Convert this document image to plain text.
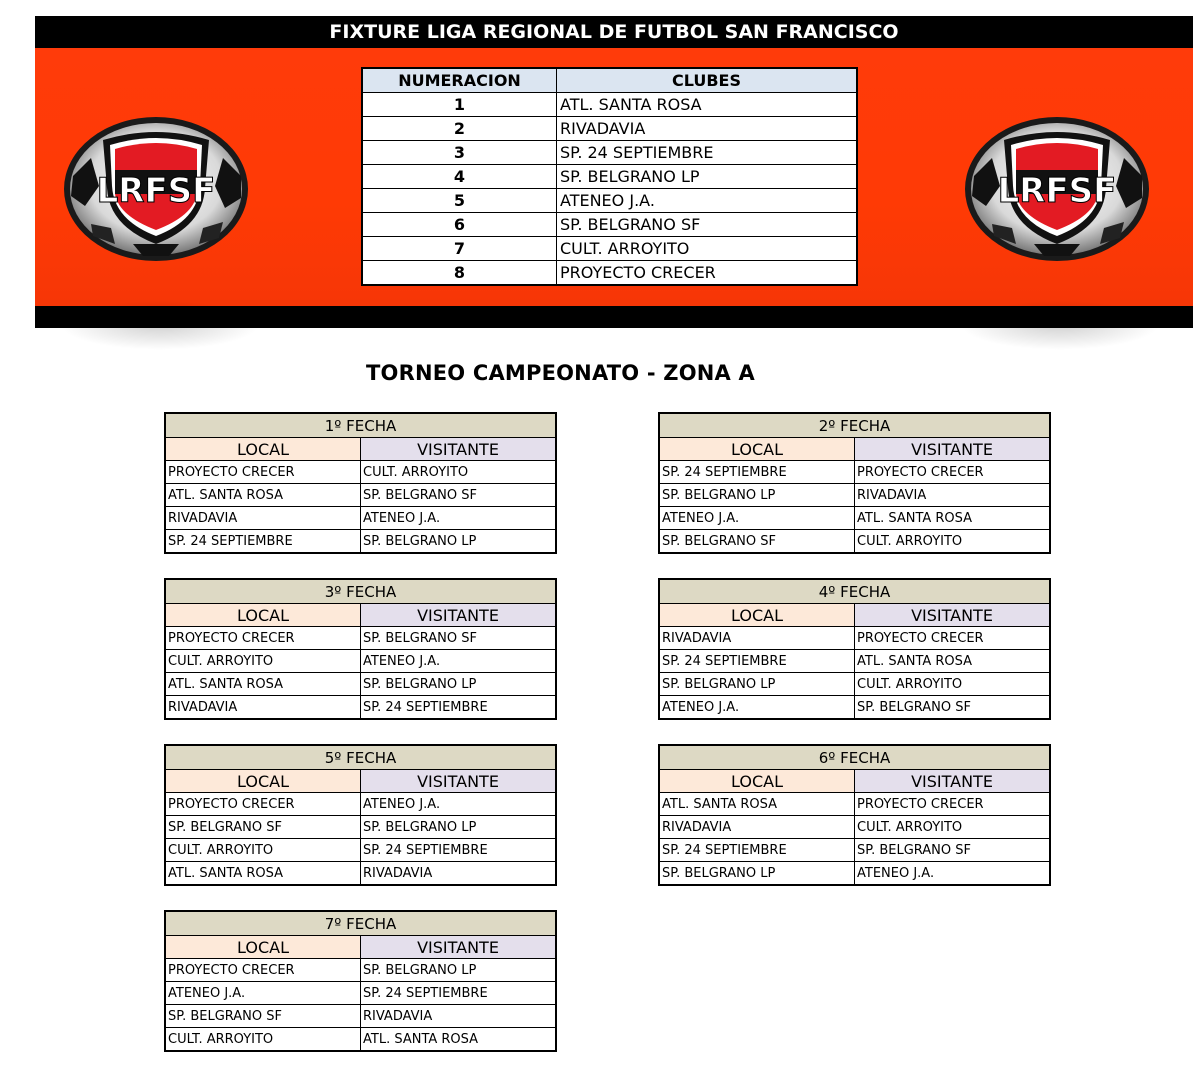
FIXTURE LIGA REGIONAL DE FUTBOL SAN FRANCISCO
LRFSF	LRFSF
NUMERACION	CLUBES
1	ATL. SANTA ROSA
2	RIVADAVIA
3	SP. 24 SEPTIEMBRE
4	SP. BELGRANO LP
5	ATENEO J.A.
6	SP. BELGRANO SF
7	CULT. ARROYITO
8	PROYECTO CRECER
TORNEO CAMPEONATO - ZONA A
1º FECHA	
LOCAL	VISITANTE
PROYECTO CRECER	CULT. ARROYITO
ATL. SANTA ROSA	SP. BELGRANO SF
RIVADAVIA	ATENEO J.A.
SP. 24 SEPTIEMBRE	SP. BELGRANO LP
2º FECHA	
LOCAL	VISITANTE
SP. 24 SEPTIEMBRE	PROYECTO CRECER
SP. BELGRANO LP	RIVADAVIA
ATENEO J.A.	ATL. SANTA ROSA
SP. BELGRANO SF	CULT. ARROYITO
3º FECHA	
LOCAL	VISITANTE
PROYECTO CRECER	SP. BELGRANO SF
CULT. ARROYITO	ATENEO J.A.
ATL. SANTA ROSA	SP. BELGRANO LP
RIVADAVIA	SP. 24 SEPTIEMBRE
4º FECHA	
LOCAL	VISITANTE
RIVADAVIA	PROYECTO CRECER
SP. 24 SEPTIEMBRE	ATL. SANTA ROSA
SP. BELGRANO LP	CULT. ARROYITO
ATENEO J.A.	SP. BELGRANO SF
5º FECHA	
LOCAL	VISITANTE
PROYECTO CRECER	ATENEO J.A.
SP. BELGRANO SF	SP. BELGRANO LP
CULT. ARROYITO	SP. 24 SEPTIEMBRE
ATL. SANTA ROSA	RIVADAVIA
6º FECHA	
LOCAL	VISITANTE
ATL. SANTA ROSA	PROYECTO CRECER
RIVADAVIA	CULT. ARROYITO
SP. 24 SEPTIEMBRE	SP. BELGRANO SF
SP. BELGRANO LP	ATENEO J.A.
7º FECHA	
LOCAL	VISITANTE
PROYECTO CRECER	SP. BELGRANO LP
ATENEO J.A.	SP. 24 SEPTIEMBRE
SP. BELGRANO SF	RIVADAVIA
CULT. ARROYITO	ATL. SANTA ROSA
